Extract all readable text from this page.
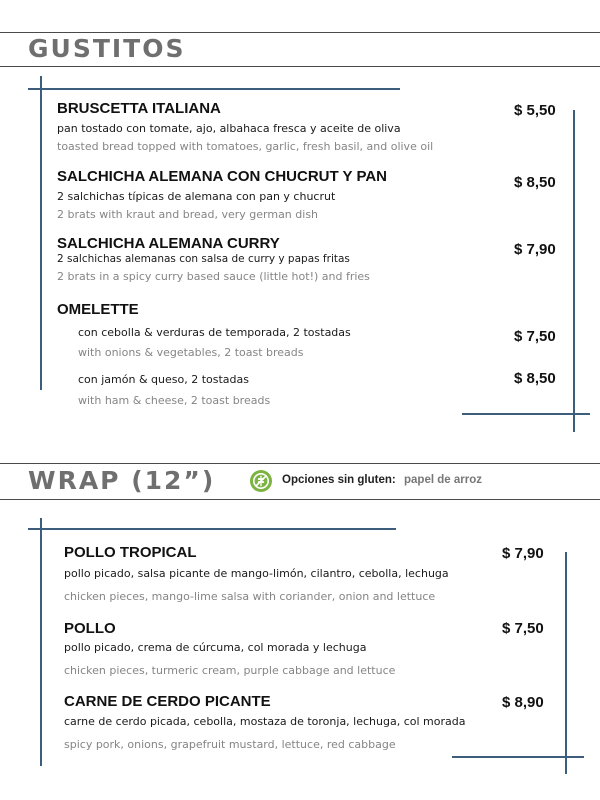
GUSTITOS
BRUSCETTA ITALIANA
pan tostado con tomate, ajo, albahaca fresca y aceite de oliva
toasted bread topped with tomatoes, garlic, fresh basil, and olive oil
$ 5,50
SALCHICHA ALEMANA CON CHUCRUT Y PAN
2 salchichas típicas de alemana con pan y chucrut
2 brats with kraut and bread, very german dish
$ 8,50
SALCHICHA ALEMANA CURRY
2 salchichas alemanas con salsa de curry y papas fritas
2 brats in a spicy curry based sauce (little hot!) and fries
$ 7,90
OMELETTE
con cebolla & verduras de temporada, 2 tostadas
with onions & vegetables, 2 toast breads
$ 7,50
con jamón & queso, 2 tostadas
with ham & cheese, 2 toast breads
$ 8,50
WRAP (12”)	Opciones sin gluten: papel de arroz
POLLO TROPICAL
pollo picado, salsa picante de mango-limón, cilantro, cebolla, lechuga
chicken pieces, mango-lime salsa with coriander, onion and lettuce
$ 7,90
POLLO
pollo picado, crema de cúrcuma, col morada y lechuga
chicken pieces, turmeric cream, purple cabbage and lettuce
$ 7,50
CARNE DE CERDO PICANTE
carne de cerdo picada, cebolla, mostaza de toronja, lechuga, col morada
spicy pork, onions, grapefruit mustard, lettuce, red cabbage
$ 8,90
